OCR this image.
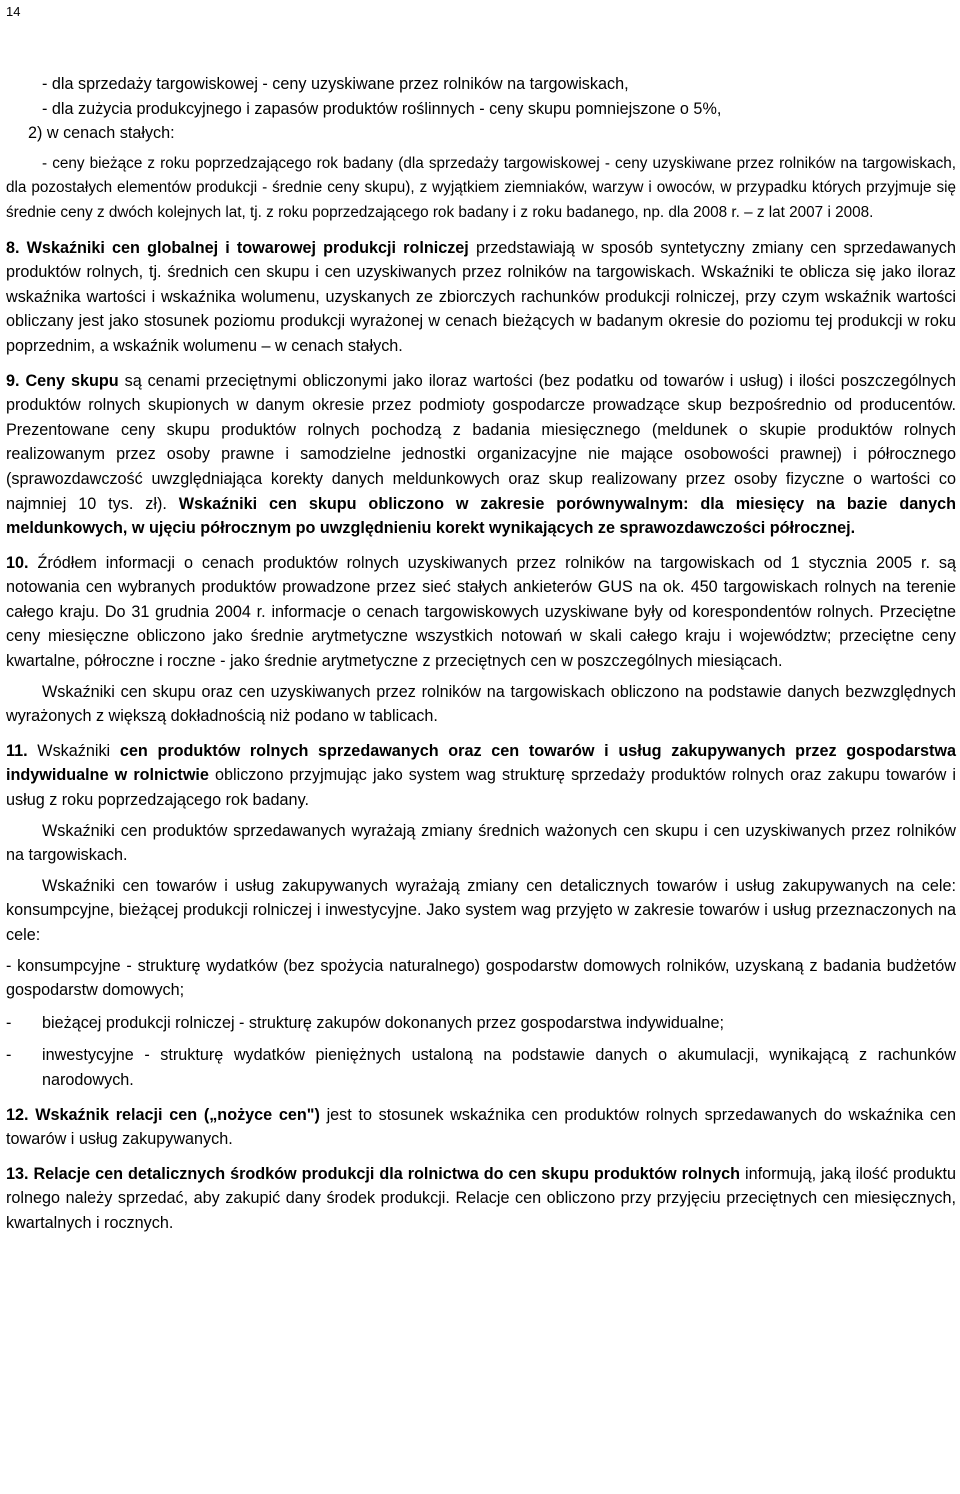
14

- dla sprzedaży targowiskowej - ceny uzyskiwane przez rolników na targowiskach,

- dla zużycia produkcyjnego i zapasów produktów roślinnych - ceny skupu pomniejszone o 5%,

2) w cenach stałych:

- ceny bieżące z roku poprzedzającego rok badany (dla sprzedaży targowiskowej - ceny uzyskiwane przez rolników na targowiskach, dla pozostałych elementów produkcji - średnie ceny skupu), z wyjątkiem ziemniaków, warzyw i owoców, w przypadku których przyjmuje się średnie ceny z dwóch kolejnych lat, tj. z roku poprzedzającego rok badany i z roku badanego, np. dla 2008 r. – z lat 2007 i 2008.

8. Wskaźniki cen globalnej i towarowej produkcji rolniczej przedstawiają w sposób syntetyczny zmiany cen sprzedawanych produktów rolnych, tj. średnich cen skupu i cen uzyskiwanych przez rolników na targowiskach. Wskaźniki te oblicza się jako iloraz wskaźnika wartości i wskaźnika wolumenu, uzyskanych ze zbiorczych rachunków produkcji rolniczej, przy czym wskaźnik wartości obliczany jest jako stosunek poziomu produkcji wyrażonej w cenach bieżących w badanym okresie do poziomu tej produkcji w roku poprzednim, a wskaźnik wolumenu – w cenach stałych.

9. Ceny skupu są cenami przeciętnymi obliczonymi jako iloraz wartości (bez podatku od towarów i usług) i ilości poszczególnych produktów rolnych skupionych w danym okresie przez podmioty gospodarcze prowadzące skup bezpośrednio od producentów. Prezentowane ceny skupu produktów rolnych pochodzą z badania miesięcznego (meldunek o skupie produktów rolnych realizowanym przez osoby prawne i samodzielne jednostki organizacyjne nie mające osobowości prawnej) i półrocznego (sprawozdawczość uwzględniająca korekty danych meldunkowych oraz skup realizowany przez osoby fizyczne o wartości co najmniej 10 tys. zł). Wskaźniki cen skupu obliczono w zakresie porównywalnym: dla miesięcy na bazie danych meldunkowych, w ujęciu półrocznym po uwzględnieniu korekt wynikających ze sprawozdawczości półrocznej.

10. Źródłem informacji o cenach produktów rolnych uzyskiwanych przez rolników na targowiskach od 1 stycznia 2005 r. są notowania cen wybranych produktów prowadzone przez sieć stałych ankieterów GUS na ok. 450 targowiskach rolnych na terenie całego kraju. Do 31 grudnia 2004 r. informacje o cenach targowiskowych uzyskiwane były od korespondentów rolnych. Przeciętne ceny miesięczne obliczono jako średnie arytmetyczne wszystkich notowań w skali całego kraju i województw; przeciętne ceny kwartalne, półroczne i roczne - jako średnie arytmetyczne z przeciętnych cen w poszczególnych miesiącach.

Wskaźniki cen skupu oraz cen uzyskiwanych przez rolników na targowiskach obliczono na podstawie danych bezwzględnych wyrażonych z większą dokładnością niż podano w tablicach.

11. Wskaźniki cen produktów rolnych sprzedawanych oraz cen towarów i usług zakupywanych przez gospodarstwa indywidualne w rolnictwie obliczono przyjmując jako system wag strukturę sprzedaży produktów rolnych oraz zakupu towarów i usług z roku poprzedzającego rok badany.

Wskaźniki cen produktów sprzedawanych wyrażają zmiany średnich ważonych cen skupu i cen uzyskiwanych przez rolników na targowiskach.

Wskaźniki cen towarów i usług zakupywanych wyrażają zmiany cen detalicznych towarów i usług zakupywanych na cele: konsumpcyjne, bieżącej produkcji rolniczej i inwestycyjne. Jako system wag przyjęto w zakresie towarów i usług przeznaczonych na cele:

- konsumpcyjne - strukturę wydatków (bez spożycia naturalnego) gospodarstw domowych rolników, uzyskaną z badania budżetów gospodarstw domowych;

-	bieżącej produkcji rolniczej - strukturę zakupów dokonanych przez gospodarstwa indywidualne;
-	inwestycyjne - strukturę wydatków pieniężnych ustaloną na podstawie danych o akumulacji, wynikającą z rachunków narodowych.

12. Wskaźnik relacji cen („nożyce cen") jest to stosunek wskaźnika cen produktów rolnych sprzedawanych do wskaźnika cen towarów i usług zakupywanych.

13. Relacje cen detalicznych środków produkcji dla rolnictwa do cen skupu produktów rolnych informują, jaką ilość produktu rolnego należy sprzedać, aby zakupić dany środek produkcji. Relacje cen obliczono przy przyjęciu przeciętnych cen miesięcznych, kwartalnych i rocznych.
